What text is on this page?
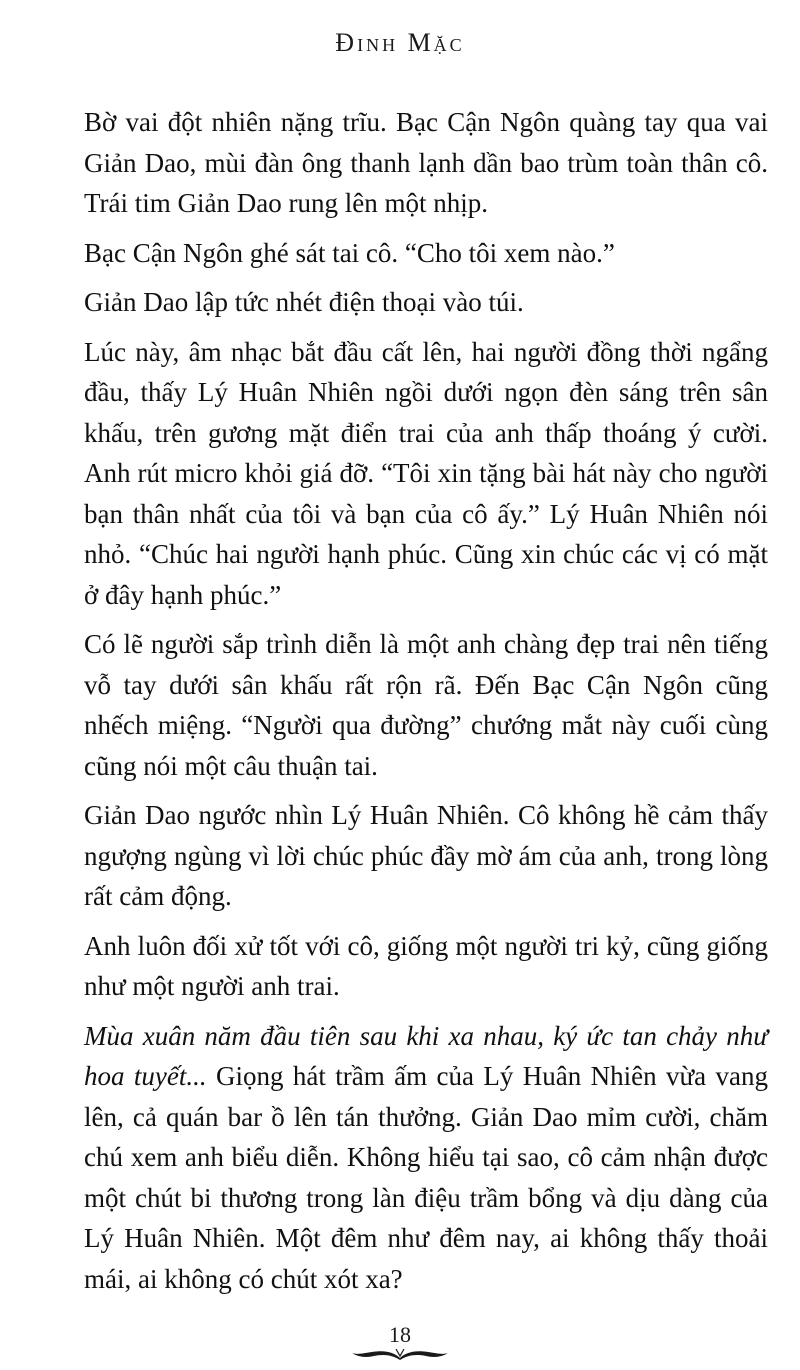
Đinh Mặc

Bờ vai đột nhiên nặng trĩu. Bạc Cận Ngôn quàng tay qua vai Giản Dao, mùi đàn ông thanh lạnh dần bao trùm toàn thân cô. Trái tim Giản Dao rung lên một nhịp.

Bạc Cận Ngôn ghé sát tai cô. “Cho tôi xem nào.”

Giản Dao lập tức nhét điện thoại vào túi.

Lúc này, âm nhạc bắt đầu cất lên, hai người đồng thời ngẩng đầu, thấy Lý Huân Nhiên ngồi dưới ngọn đèn sáng trên sân khấu, trên gương mặt điển trai của anh thấp thoáng ý cười. Anh rút micro khỏi giá đỡ. “Tôi xin tặng bài hát này cho người bạn thân nhất của tôi và bạn của cô ấy.” Lý Huân Nhiên nói nhỏ. “Chúc hai người hạnh phúc. Cũng xin chúc các vị có mặt ở đây hạnh phúc.”

Có lẽ người sắp trình diễn là một anh chàng đẹp trai nên tiếng vỗ tay dưới sân khấu rất rộn rã. Đến Bạc Cận Ngôn cũng nhếch miệng. “Người qua đường” chướng mắt này cuối cùng cũng nói một câu thuận tai.

Giản Dao ngước nhìn Lý Huân Nhiên. Cô không hề cảm thấy ngượng ngùng vì lời chúc phúc đầy mờ ám của anh, trong lòng rất cảm động.

Anh luôn đối xử tốt với cô, giống một người tri kỷ, cũng giống như một người anh trai.

Mùa xuân năm đầu tiên sau khi xa nhau, ký ức tan chảy như hoa tuyết... Giọng hát trầm ấm của Lý Huân Nhiên vừa vang lên, cả quán bar ồ lên tán thưởng. Giản Dao mỉm cười, chăm chú xem anh biểu diễn. Không hiểu tại sao, cô cảm nhận được một chút bi thương trong làn điệu trầm bổng và dịu dàng của Lý Huân Nhiên. Một đêm như đêm nay, ai không thấy thoải mái, ai không có chút xót xa?

18
